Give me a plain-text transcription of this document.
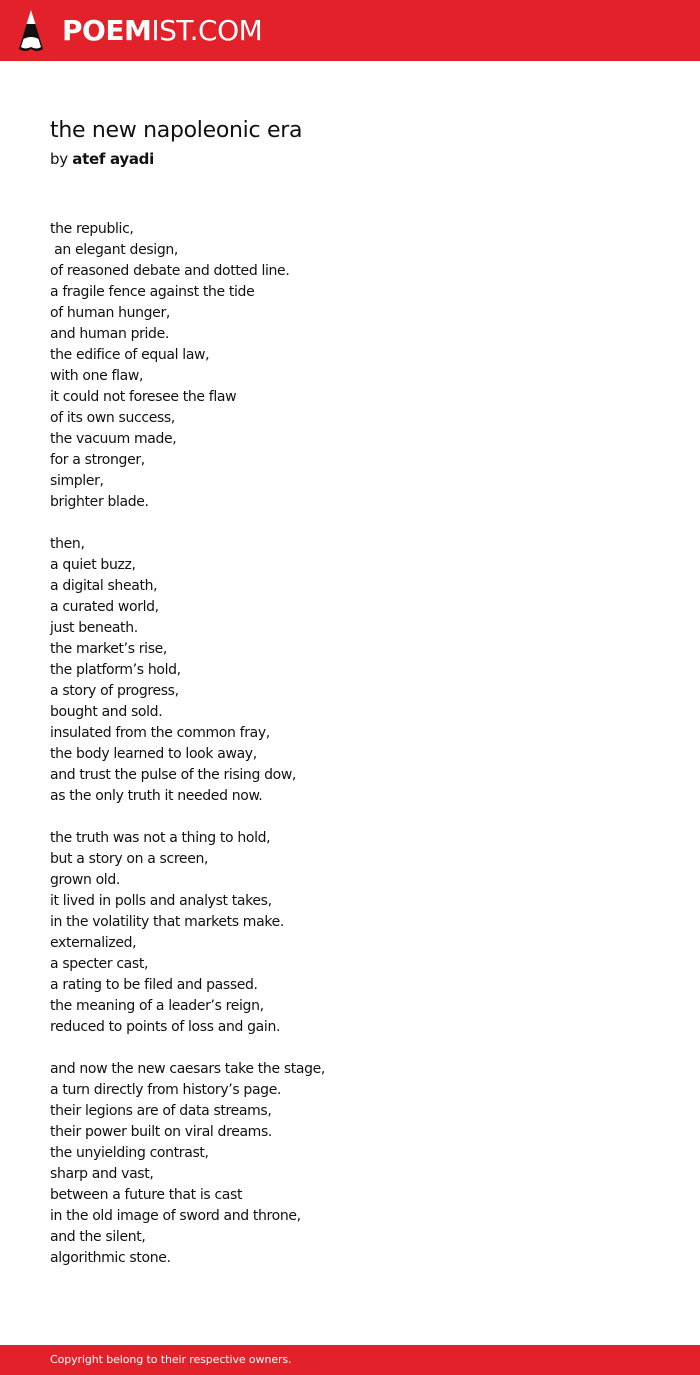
POEMIST.COM
the new napoleonic era
by atef ayadi
the republic,
an elegant design,
of reasoned debate and dotted line.
a fragile fence against the tide
of human hunger,
and human pride.
the edifice of equal law,
with one flaw,
it could not foresee the flaw
of its own success,
the vacuum made,
for a stronger,
simpler,
brighter blade.
then,
a quiet buzz,
a digital sheath,
a curated world,
just beneath.
the market’s rise,
the platform’s hold,
a story of progress,
bought and sold.
insulated from the common fray,
the body learned to look away,
and trust the pulse of the rising dow,
as the only truth it needed now.
the truth was not a thing to hold,
but a story on a screen,
grown old.
it lived in polls and analyst takes,
in the volatility that markets make.
externalized,
a specter cast,
a rating to be filed and passed.
the meaning of a leader’s reign,
reduced to points of loss and gain.
and now the new caesars take the stage,
a turn directly from history’s page.
their legions are of data streams,
their power built on viral dreams.
the unyielding contrast,
sharp and vast,
between a future that is cast
in the old image of sword and throne,
and the silent,
algorithmic stone.
Copyright belong to their respective owners.
